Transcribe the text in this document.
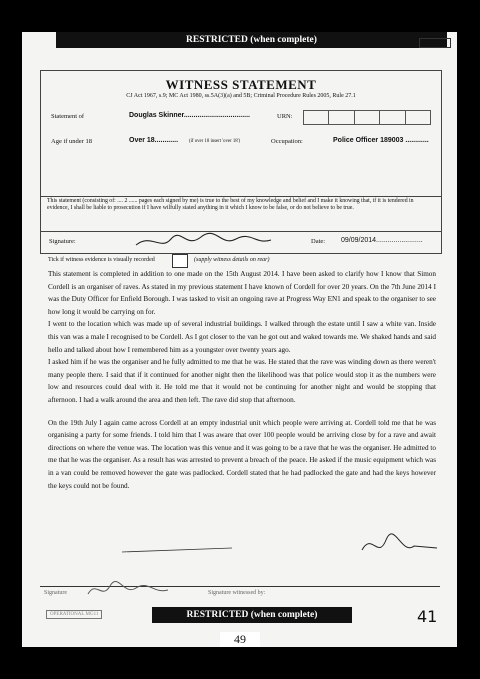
RESTRICTED (when complete)	MG 11 (T)
WITNESS STATEMENT
CJ Act 1967, s.9; MC Act 1980, ss.5A(3)(a) and 5B; Criminal Procedure Rules 2005, Rule 27.1
Statement of	Douglas Skinner..................................	URN:
Age if under 18	Over 18............ (if over 18 insert 'over 18')	Occupation:	Police Officer 189003 ............
This statement (consisting of: .... 2 ...... pages each signed by me) is true to the best of my knowledge and belief and I make it knowing that, if it is tendered in evidence, I shall be liable to prosecution if I have wilfully stated anything in it which I know to be false, or do not believe to be true.
Signature:	Date: 09/09/2014........................
Tick if witness evidence is visually recorded	(supply witness details on rear)

This statement is completed in addition to one made on the 15th August 2014. I have been asked to clarify how I know that Simon Cordell is an organiser of raves. As stated in my previous statement I have known of Cordell for over 20 years. On the 7th June 2014 I was the Duty Officer for Enfield Borough. I was tasked to visit an ongoing rave at Progress Way EN1 and speak to the organiser to see how long it would be carrying on for.

I went to the location which was made up of several industrial buildings. I walked through the estate until I saw a white van. Inside this van was a male I recognised to be Cordell. As I got closer to the van he got out and waked towards me. We shaked hands and said hello and talked about how I remembered him as a youngster over twenty years ago.

I asked him if he was the organiser and he fully admitted to me that he was. He stated that the rave was winding down as there weren't many people there. I said that if it continued for another night then the likelihood was that police would stop it as the numbers were low and resources could deal with it. He told me that it would not be continuing for another night and would be stopping that afternoon. I had a walk around the area and then left. The rave did stop that afternoon.

On the 19th July I again came across Cordell at an empty industrial unit which people were arriving at. Cordell told me that he was organising a party for some friends. I told him that I was aware that over 100 people would be arriving close by for a rave and await directions on where the venue was. The location was this venue and it was going to be a rave that he was the organiser. He admitted to me that he was the organiser. As a result has was arrested to prevent a breach of the peace. He asked if the music equipment which was in a van could be removed however the gate was padlocked. Cordell stated that he had padlocked the gate and had the keys however the keys could not be found.

Signature	Signature witnessed by:
OPERATIONAL MG11	RESTRICTED (when complete)	41
49
